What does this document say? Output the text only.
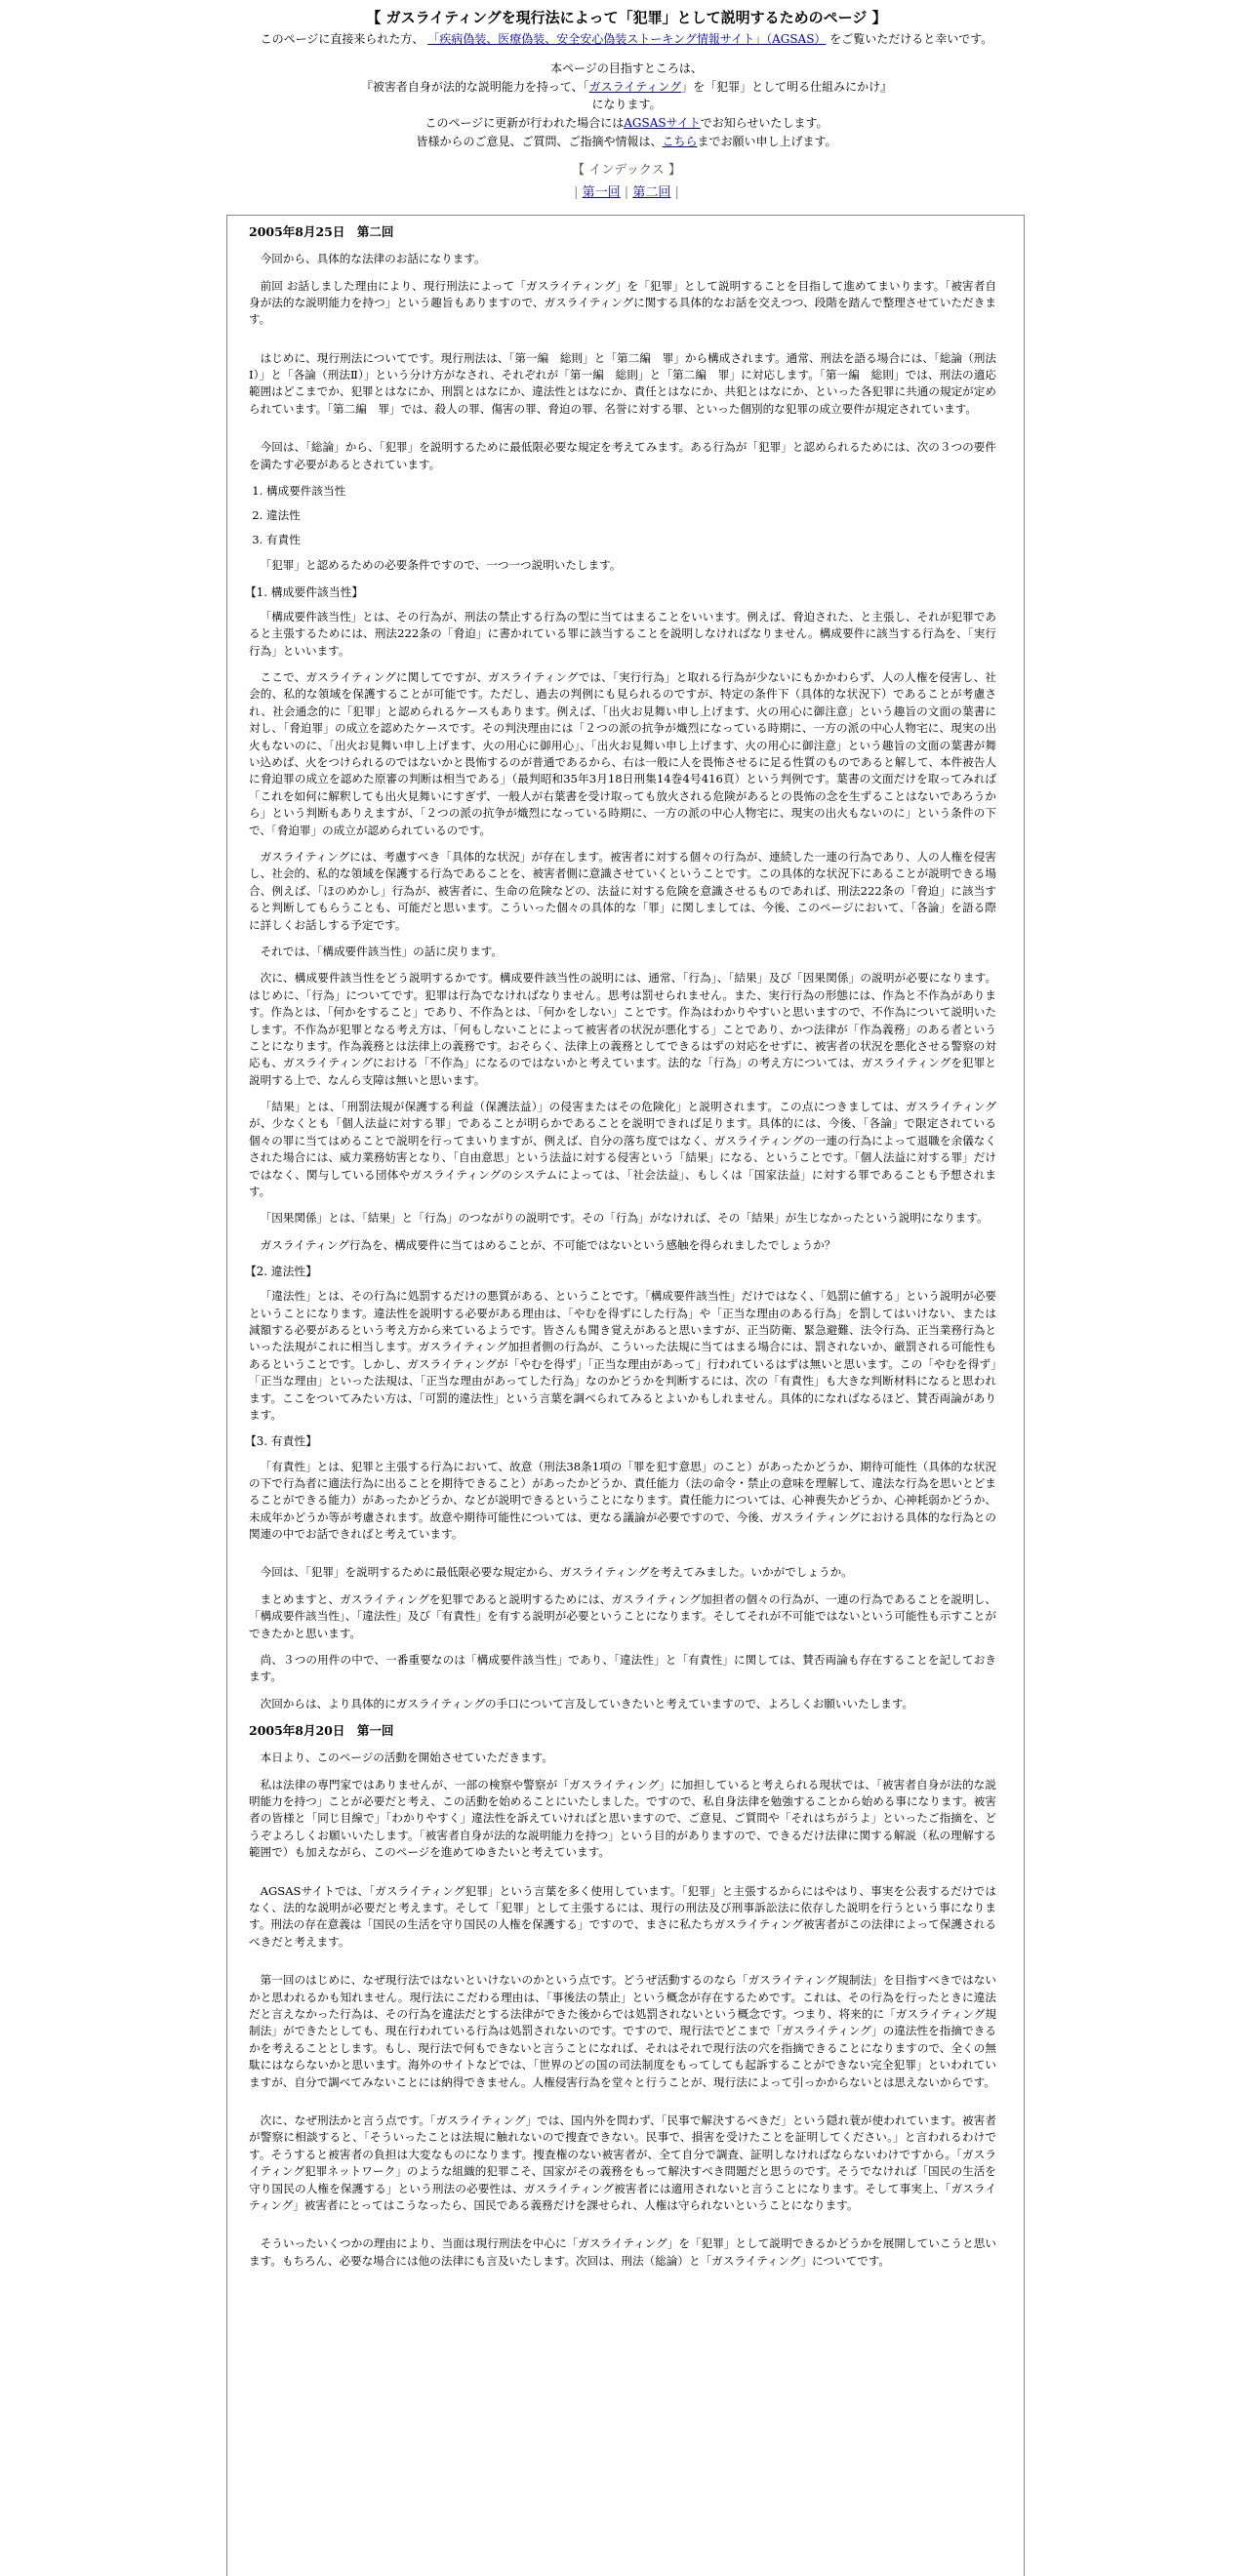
【 ガスライティングを現行法によって「犯罪」として説明するためのページ 】
このページに直接来られた方、 「疾病偽装、医療偽装、安全安心偽装ストーキング情報サイト」（AGSAS） をご覧いただけると幸いです。
本ページの目指すところは、
『被害者自身が法的な説明能力を持って、「ガスライティング」を「犯罪」として明る仕組みにかけ』
になります。
このページに更新が行われた場合にはAGSASサイトでお知らせいたします。
皆様からのご意見、ご質問、ご指摘や情報は、こちらまでお願い申し上げます。
【 インデックス 】
| 第一回 | 第二回 |
2005年8月25日　第二回

今回から、具体的な法律のお話になります。

前回 お話しました理由により、現行刑法によって「ガスライティング」を「犯罪」として説明することを目指して進めてまいります。「被害者自身が法的な説明能力を持つ」という趣旨もありますので、ガスライティングに関する具体的なお話を交えつつ、段階を踏んで整理させていただきます。

はじめに、現行刑法についてです。現行刑法は、「第一編　総則」と「第二編　罪」から構成されます。通常、刑法を語る場合には、「総論（刑法Ⅰ）」と「各論（刑法Ⅱ）」という分け方がなされ、それぞれが「第一編　総則」と「第二編　罪」に対応します。「第一編　総則」では、刑法の適応範囲はどこまでか、犯罪とはなにか、刑罰とはなにか、違法性とはなにか、責任とはなにか、共犯とはなにか、といった各犯罪に共通の規定が定められています。「第二編　罪」では、殺人の罪、傷害の罪、脅迫の罪、名誉に対する罪、といった個別的な犯罪の成立要件が規定されています。

今回は、「総論」から、「犯罪」を説明するために最低限必要な規定を考えてみます。ある行為が「犯罪」と認められるためには、次の３つの要件を満たす必要があるとされています。

1. 構成要件該当性
2. 違法性
3. 有責性

「犯罪」と認めるための必要条件ですので、一つ一つ説明いたします。

【1. 構成要件該当性】

「構成要件該当性」とは、その行為が、刑法の禁止する行為の型に当てはまることをいいます。例えば、脅迫された、と主張し、それが犯罪であると主張するためには、刑法222条の「脅迫」に書かれている罪に該当することを説明しなければなりません。構成要件に該当する行為を、「実行行為」といいます。

ここで、ガスライティングに関してですが、ガスライティングでは、「実行行為」と取れる行為が少ないにもかかわらず、人の人権を侵害し、社会的、私的な領域を保護することが可能です。ただし、過去の判例にも見られるのですが、特定の条件下（具体的な状況下）であることが考慮され、社会通念的に「犯罪」と認められるケースもあります。例えば、「出火お見舞い申し上げます、火の用心に御注意」という趣旨の文面の葉書に対し、「脅迫罪」の成立を認めたケースです。その判決理由には「２つの派の抗争が熾烈になっている時期に、一方の派の中心人物宅に、現実の出火もないのに、「出火お見舞い申し上げます、火の用心に御用心」、「出火お見舞い申し上げます、火の用心に御注意」という趣旨の文面の葉書が舞い込めば、火をつけられるのではないかと畏怖するのが普通であるから、右は一般に人を畏怖させるに足る性質のものであると解して、本件被告人に脅迫罪の成立を認めた原審の判断は相当である」（最判昭和35年3月18日刑集14巻4号416頁）という判例です。葉書の文面だけを取ってみれば「これを如何に解釈しても出火見舞いにすぎず、一般人が右葉書を受け取っても放火される危険があるとの畏怖の念を生ずることはないであろうから」という判断もありえますが、「２つの派の抗争が熾烈になっている時期に、一方の派の中心人物宅に、現実の出火もないのに」という条件の下で、「脅迫罪」の成立が認められているのです。

ガスライティングには、考慮すべき「具体的な状況」が存在します。被害者に対する個々の行為が、連続した一連の行為であり、人の人権を侵害し、社会的、私的な領域を保護する行為であることを、被害者側に意識させていくということです。この具体的な状況下にあることが説明できる場合、例えば、「ほのめかし」行為が、被害者に、生命の危険などの、法益に対する危険を意識させるものであれば、刑法222条の「脅迫」に該当すると判断してもらうことも、可能だと思います。こういった個々の具体的な「罪」に関しましては、今後、このページにおいて、「各論」を語る際に詳しくお話しする予定です。

それでは、「構成要件該当性」の話に戻ります。

次に、構成要件該当性をどう説明するかです。構成要件該当性の説明には、通常、「行為」、「結果」及び「因果関係」の説明が必要になります。はじめに、「行為」についてです。犯罪は行為でなければなりません。思考は罰せられません。また、実行行為の形態には、作為と不作為があります。作為とは、「何かをすること」であり、不作為とは、「何かをしない」ことです。作為はわかりやすいと思いますので、不作為について説明いたします。不作為が犯罪となる考え方は、「何もしないことによって被害者の状況が悪化する」ことであり、かつ法律が「作為義務」のある者ということになります。作為義務とは法律上の義務です。おそらく、法律上の義務としてできるはずの対応をせずに、被害者の状況を悪化させる警察の対応も、ガスライティングにおける「不作為」になるのではないかと考えています。法的な「行為」の考え方については、ガスライティングを犯罪と説明する上で、なんら支障は無いと思います。

「結果」とは、「刑罰法規が保護する利益（保護法益）」の侵害またはその危険化」と説明されます。この点につきましては、ガスライティングが、少なくとも「個人法益に対する罪」であることが明らかであることを説明できれば足ります。具体的には、今後、「各論」で限定されている個々の罪に当てはめることで説明を行ってまいりますが、例えば、自分の落ち度ではなく、ガスライティングの一連の行為によって退職を余儀なくされた場合には、威力業務妨害となり、「自由意思」という法益に対する侵害という「結果」になる、ということです。「個人法益に対する罪」だけではなく、関与している団体やガスライティングのシステムによっては、「社会法益」、もしくは「国家法益」に対する罪であることも予想されます。

「因果関係」とは、「結果」と「行為」のつながりの説明です。その「行為」がなければ、その「結果」が生じなかったという説明になります。

ガスライティング行為を、構成要件に当てはめることが、不可能ではないという感触を得られましたでしょうか？

【2. 違法性】

「違法性」とは、その行為に処罰するだけの悪質がある、ということです。「構成要件該当性」だけではなく、「処罰に値する」という説明が必要ということになります。違法性を説明する必要がある理由は、「やむを得ずにした行為」や「正当な理由のある行為」を罰してはいけない、または減額する必要があるという考え方から来ているようです。皆さんも聞き覚えがあると思いますが、正当防衛、緊急避難、法令行為、正当業務行為といった法規がこれに相当します。ガスライティング加担者側の行為が、こういった法規に当てはまる場合には、罰されないか、厳罰される可能性もあるということです。しかし、ガスライティングが「やむを得ず」「正当な理由があって」行われているはずは無いと思います。この「やむを得ず」「正当な理由」といった法規は、「正当な理由があってした行為」なのかどうかを判断するには、次の「有責性」も大きな判断材料になると思われます。ここをついてみたい方は、「可罰的違法性」という言葉を調べられてみるとよいかもしれません。具体的になればなるほど、賛否両論があります。

【3. 有責性】

「有責性」とは、犯罪と主張する行為において、故意（刑法38条1項の「罪を犯す意思」のこと）があったかどうか、期待可能性（具体的な状況の下で行為者に適法行為に出ることを期待できること）があったかどうか、責任能力（法の命令・禁止の意味を理解して、違法な行為を思いとどまることができる能力）があったかどうか、などが説明できるということになります。責任能力については、心神喪失かどうか、心神耗弱かどうか、未成年かどうか等が考慮されます。故意や期待可能性については、更なる議論が必要ですので、今後、ガスライティングにおける具体的な行為との関連の中でお話できればと考えています。

今回は、「犯罪」を説明するために最低限必要な規定から、ガスライティングを考えてみました。いかがでしょうか。

まとめますと、ガスライティングを犯罪であると説明するためには、ガスライティング加担者の個々の行為が、一連の行為であることを説明し、「構成要件該当性」、「違法性」及び「有責性」を有する説明が必要ということになります。そしてそれが不可能ではないという可能性も示すことができたかと思います。

尚、３つの用件の中で、一番重要なのは「構成要件該当性」であり、「違法性」と「有責性」に関しては、賛否両論も存在することを記しておきます。

次回からは、より具体的にガスライティングの手口について言及していきたいと考えていますので、よろしくお願いいたします。

2005年8月20日　第一回

本日より、このページの活動を開始させていただきます。

私は法律の専門家ではありませんが、一部の検察や警察が「ガスライティング」に加担していると考えられる現状では、「被害者自身が法的な説明能力を持つ」ことが必要だと考え、この活動を始めることにいたしました。ですので、私自身法律を勉強することから始める事になります。被害者の皆様と「同じ目線で」「わかりやすく」違法性を訴えていければと思いますので、ご意見、ご質問や「それはちがうよ」といったご指摘を、どうぞよろしくお願いいたします。「被害者自身が法的な説明能力を持つ」という目的がありますので、できるだけ法律に関する解説（私の理解する範囲で）も加えながら、このページを進めてゆきたいと考えています。

AGSASサイトでは、「ガスライティング犯罪」という言葉を多く使用しています。「犯罪」と主張するからにはやはり、事実を公表するだけではなく、法的な説明が必要だと考えます。そして「犯罪」として主張するには、現行の刑法及び刑事訴訟法に依存した説明を行うという事になります。刑法の存在意義は「国民の生活を守り国民の人権を保護する」ですので、まさに私たちガスライティング被害者がこの法律によって保護されるべきだと考えます。

第一回のはじめに、なぜ現行法ではないといけないのかという点です。どうぜ活動するのなら「ガスライティング規制法」を目指すべきではないかと思われるかも知れません。現行法にこだわる理由は、「事後法の禁止」という概念が存在するためです。これは、その行為を行ったときに違法だと言えなかった行為は、その行為を違法だとする法律ができた後からでは処罰されないという概念です。つまり、将来的に「ガスライティング規制法」ができたとしても、現在行われている行為は処罰されないのです。ですので、現行法でどこまで「ガスライティング」の違法性を指摘できるかを考えることとします。もし、現行法で何もできないと言うことになれば、それはそれで現行法の穴を指摘できることになりますので、全くの無駄にはならないかと思います。海外のサイトなどでは、「世界のどの国の司法制度をもってしても起訴することができない完全犯罪」といわれていますが、自分で調べてみないことには納得できません。人権侵害行為を堂々と行うことが、現行法によって引っかからないとは思えないからです。

次に、なぜ刑法かと言う点です。「ガスライティング」では、国内外を問わず、「民事で解決するべきだ」という隠れ蓑が使われています。被害者が警察に相談すると、「そういったことは法規に触れないので捜査できない。民事で、損害を受けたことを証明してください。」と言われるわけです。そうすると被害者の負担は大変なものになります。捜査権のない被害者が、全て自分で調査、証明しなければならないわけですから。「ガスライティング犯罪ネットワーク」のような組織的犯罪こそ、国家がその義務をもって解決すべき問題だと思うのです。そうでなければ「国民の生活を守り国民の人権を保護する」という刑法の必要性は、ガスライティング被害者には適用されないと言うことになります。そして事実上、「ガスライティング」被害者にとってはこうなったら、国民である義務だけを課せられ、人権は守られないということになります。

そういったいくつかの理由により、当面は現行刑法を中心に「ガスライティング」を「犯罪」として説明できるかどうかを展開していこうと思います。もちろん、必要な場合には他の法律にも言及いたします。次回は、刑法（総論）と「ガスライティング」についてです。
